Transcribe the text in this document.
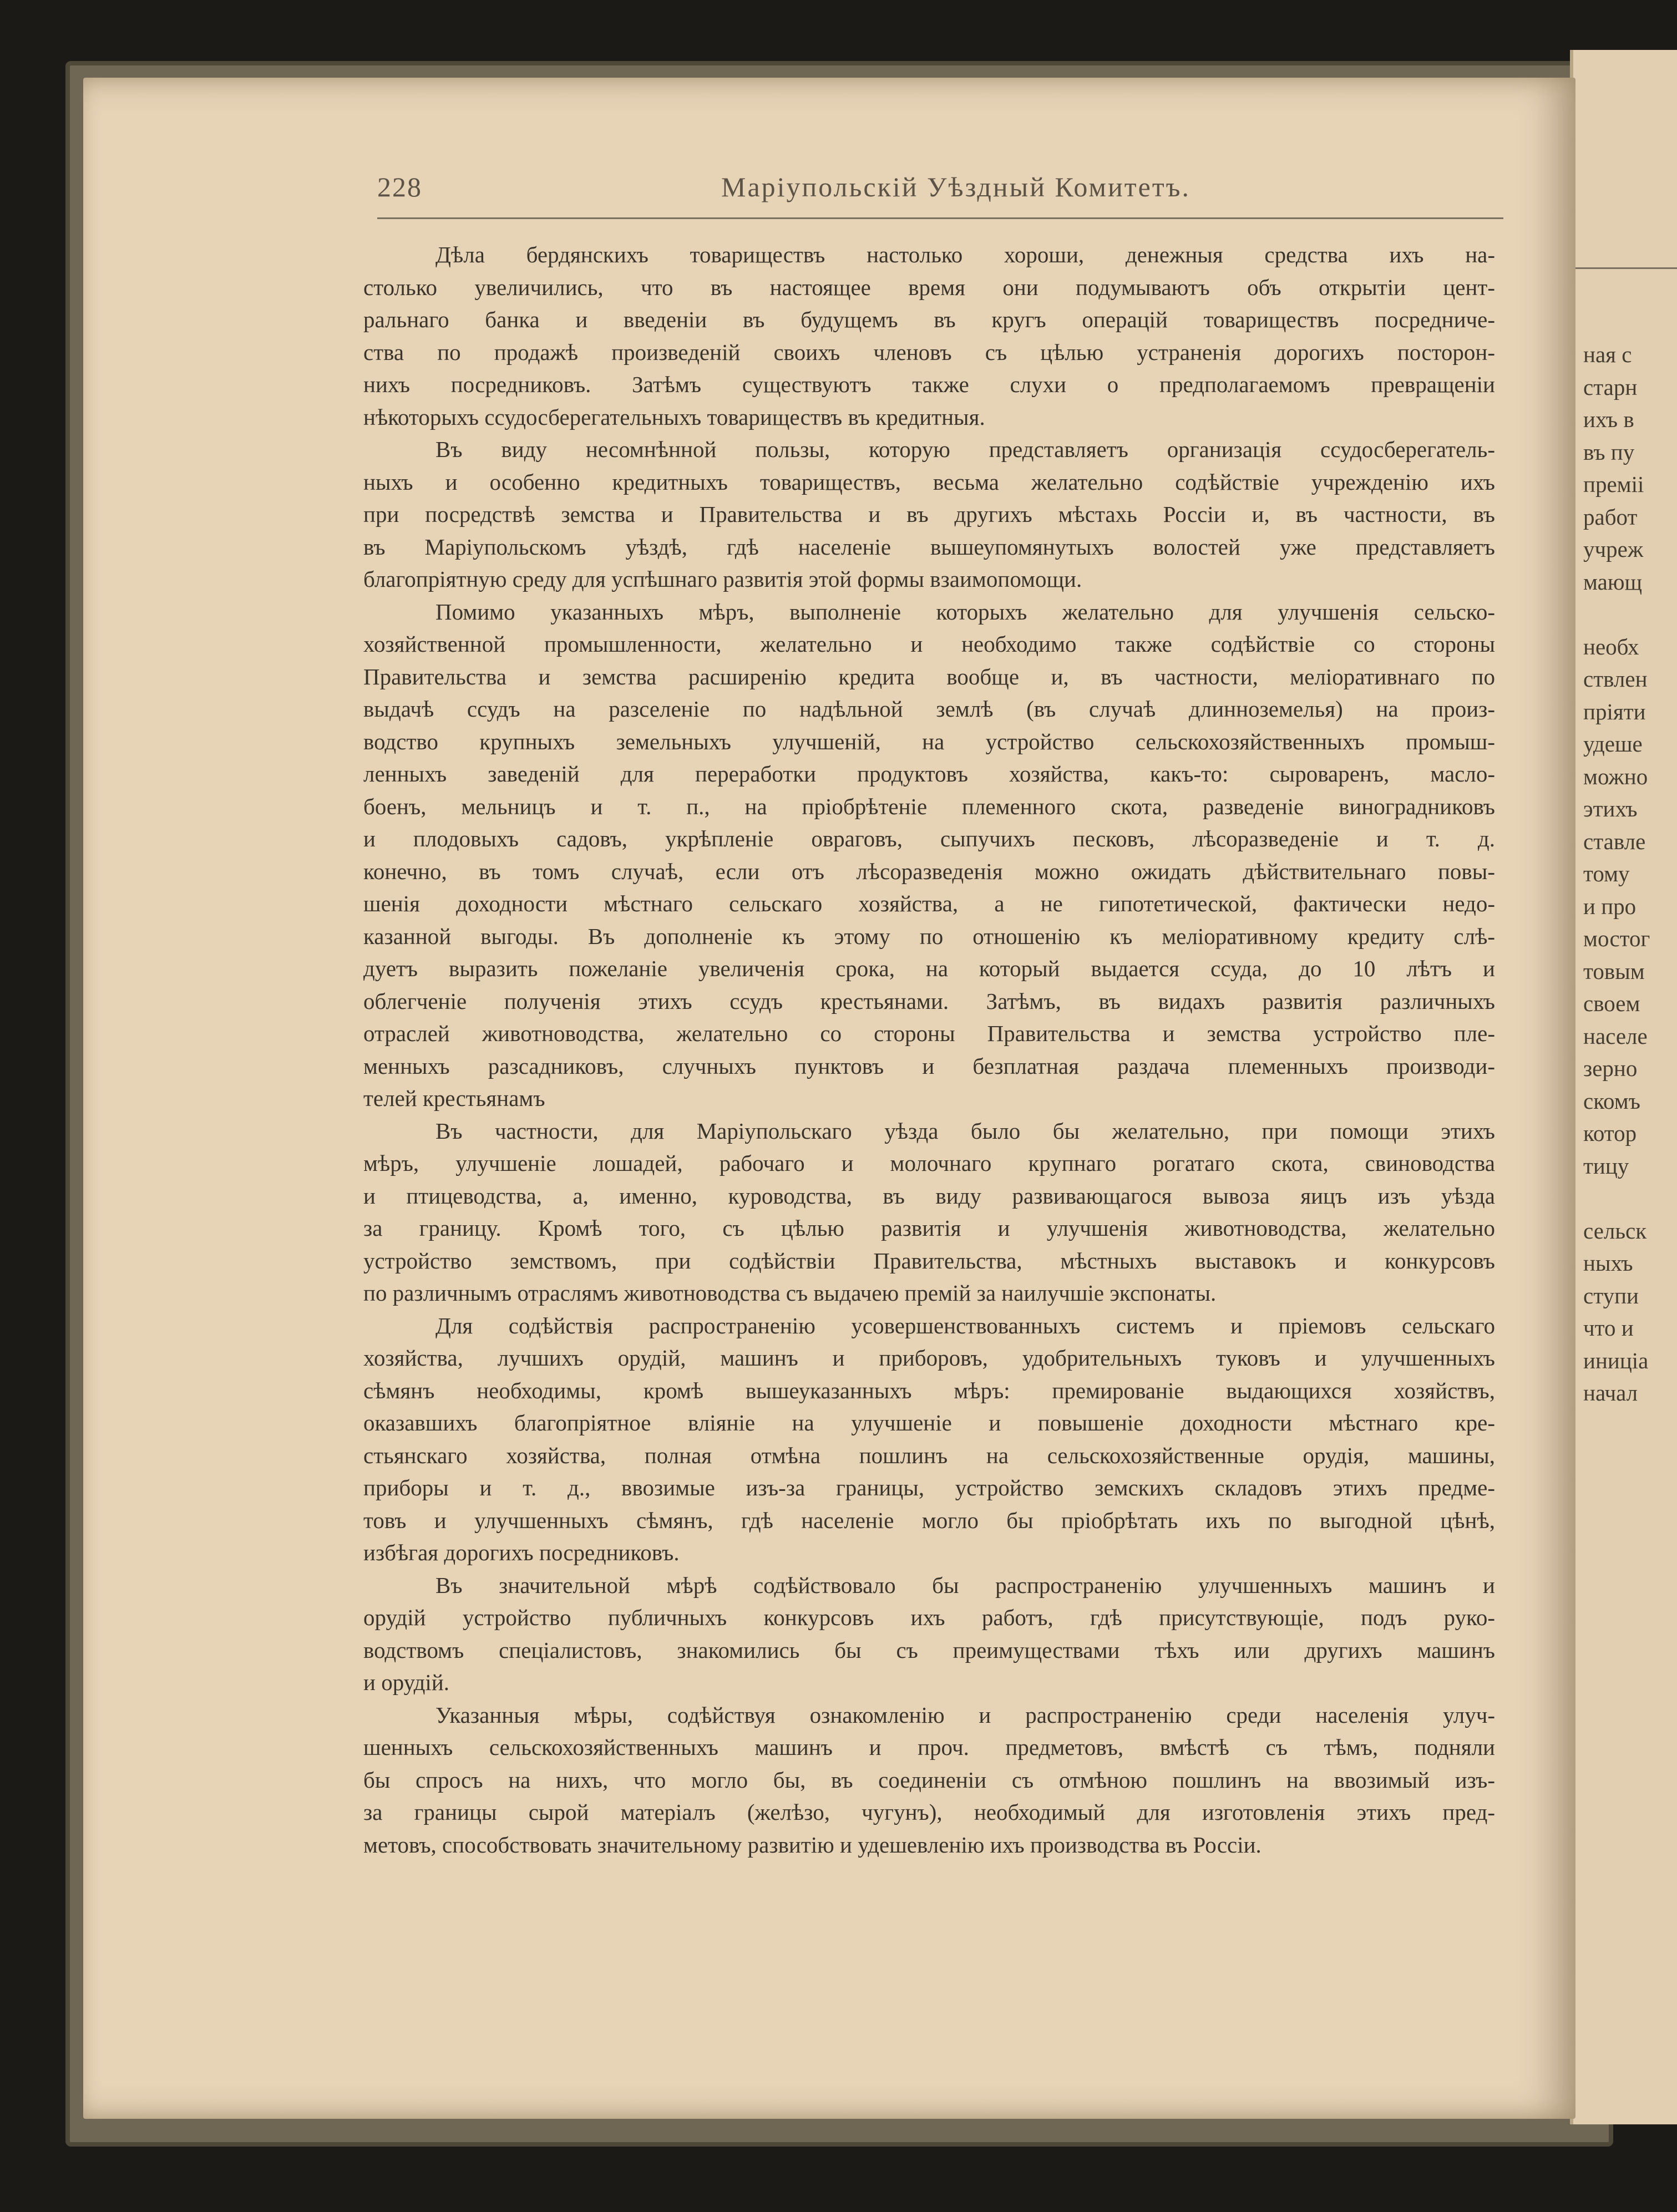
ная с
старн
ихъ в
въ пу
преміі
работ
учреж
мающ
необх
ствлен
пріяти
удеше
можно
этихъ
ставле
тому
и про
мостог
товым
своем
населе
зерно
скомъ
котор
тицу
сельск
ныхъ
ступи
что и
иниціа
начал
228	Маріупольскій Уѣздный Комитетъ.
Дѣла бердянскихъ товариществъ настолько хороши, денежныя средства ихъ на-
столько увеличились, что въ настоящее время они подумываютъ объ открытіи цент-
ральнаго банка и введеніи въ будущемъ въ кругъ операцій товариществъ посредниче-
ства по продажѣ произведеній своихъ членовъ съ цѣлью устраненія дорогихъ посторон-
нихъ посредниковъ. Затѣмъ существуютъ также слухи о предполагаемомъ превращеніи
нѣкоторыхъ ссудосберегательныхъ товариществъ въ кредитныя.
Въ виду несомнѣнной пользы, которую представляетъ организація ссудосберегатель-
ныхъ и особенно кредитныхъ товариществъ, весьма желательно содѣйствіе учрежденію ихъ
при посредствѣ земства и Правительства и въ другихъ мѣстахь Россіи и, въ частности, въ
въ Маріупольскомъ уѣздѣ, гдѣ населеніе вышеупомянутыхъ волостей уже представляетъ
благопріятную среду для успѣшнаго развитія этой формы взаимопомощи.
Помимо указанныхъ мѣръ, выполненіе которыхъ желательно для улучшенія сельско-
хозяйственной промышленности, желательно и необходимо также содѣйствіе со стороны
Правительства и земства расширенію кредита вообще и, въ частности, меліоративнаго по
выдачѣ ссудъ на разселеніе по надѣльной землѣ (въ случаѣ длинноземелья) на произ-
водство крупныхъ земельныхъ улучшеній, на устройство сельскохозяйственныхъ промыш-
ленныхъ заведеній для переработки продуктовъ хозяйства, какъ-то: сыроваренъ, масло-
боенъ, мельницъ и т. п., на пріобрѣтеніе племенного скота, разведеніе виноградниковъ
и плодовыхъ садовъ, укрѣпленіе овраговъ, сыпучихъ песковъ, лѣсоразведеніе и т. д.
конечно, въ томъ случаѣ, если отъ лѣсоразведенія можно ожидать дѣйствительнаго повы-
шенія доходности мѣстнаго сельскаго хозяйства, а не гипотетической, фактически недо-
казанной выгоды. Въ дополненіе къ этому по отношенію къ меліоративному кредиту слѣ-
дуетъ выразить пожеланіе увеличенія срока, на который выдается ссуда, до 10 лѣтъ и
облегченіе полученія этихъ ссудъ крестьянами. Затѣмъ, въ видахъ развитія различныхъ
отраслей животноводства, желательно со стороны Правительства и земства устройство пле-
менныхъ разсадниковъ, случныхъ пунктовъ и безплатная раздача племенныхъ производи-
телей крестьянамъ
Въ частности, для Маріупольскаго уѣзда было бы желательно, при помощи этихъ
мѣръ, улучшеніе лошадей, рабочаго и молочнаго крупнаго рогатаго скота, свиноводства
и птицеводства, а, именно, куроводства, въ виду развивающагося вывоза яицъ изъ уѣзда
за границу. Кромѣ того, съ цѣлью развитія и улучшенія животноводства, желательно
устройство земствомъ, при содѣйствіи Правительства, мѣстныхъ выставокъ и конкурсовъ
по различнымъ отраслямъ животноводства съ выдачею премій за наилучшіе экспонаты.
Для содѣйствія распространенію усовершенствованныхъ системъ и пріемовъ сельскаго
хозяйства, лучшихъ орудій, машинъ и приборовъ, удобрительныхъ туковъ и улучшенныхъ
сѣмянъ необходимы, кромѣ вышеуказанныхъ мѣръ: премированіе выдающихся хозяйствъ,
оказавшихъ благопріятное вліяніе на улучшеніе и повышеніе доходности мѣстнаго кре-
стьянскаго хозяйства, полная отмѣна пошлинъ на сельскохозяйственные орудія, машины,
приборы и т. д., ввозимые изъ-за границы, устройство земскихъ складовъ этихъ предме-
товъ и улучшенныхъ сѣмянъ, гдѣ населеніе могло бы пріобрѣтать ихъ по выгодной цѣнѣ,
избѣгая дорогихъ посредниковъ.
Въ значительной мѣрѣ содѣйствовало бы распространенію улучшенныхъ машинъ и
орудій устройство публичныхъ конкурсовъ ихъ работъ, гдѣ присутствующіе, подъ руко-
водствомъ спеціалистовъ, знакомились бы съ преимуществами тѣхъ или другихъ машинъ
и орудій.
Указанныя мѣры, содѣйствуя ознакомленію и распространенію среди населенія улуч-
шенныхъ сельскохозяйственныхъ машинъ и проч. предметовъ, вмѣстѣ съ тѣмъ, подняли
бы спросъ на нихъ, что могло бы, въ соединеніи съ отмѣною пошлинъ на ввозимый изъ-
за границы сырой матеріалъ (желѣзо, чугунъ), необходимый для изготовленія этихъ пред-
метовъ, способствовать значительному развитію и удешевленію ихъ производства въ Россіи.
